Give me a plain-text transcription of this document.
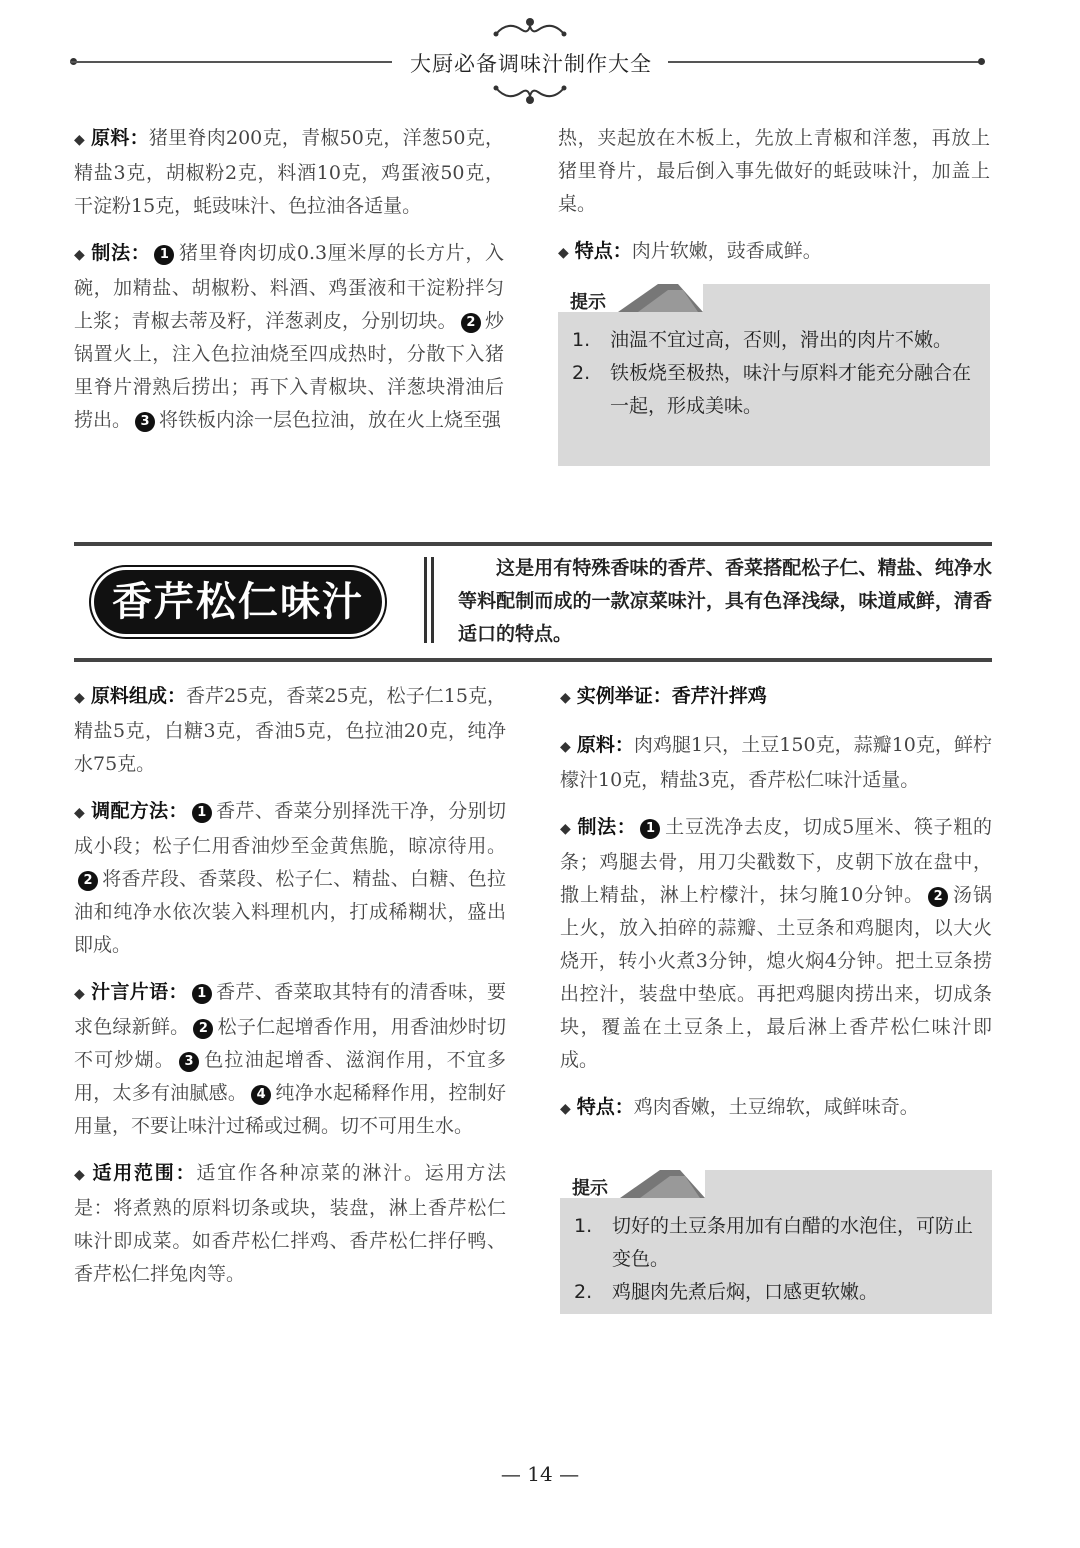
大厨必备调味汁制作大全

◆ 原料：猪里脊肉200克，青椒50克，洋葱50克，精盐3克，胡椒粉2克，料酒10克，鸡蛋液50克，干淀粉15克，蚝豉味汁、色拉油各适量。

◆ 制法： 1 猪里脊肉切成0.3厘米厚的长方片，入碗，加精盐、胡椒粉、料酒、鸡蛋液和干淀粉拌匀上浆；青椒去蒂及籽，洋葱剥皮，分别切块。 2 炒锅置火上，注入色拉油烧至四成热时，分散下入猪里脊片滑熟后捞出；再下入青椒块、洋葱块滑油后捞出。 3 将铁板内涂一层色拉油，放在火上烧至强

热，夹起放在木板上，先放上青椒和洋葱，再放上猪里脊片，最后倒入事先做好的蚝豉味汁，加盖上桌。

◆ 特点：肉片软嫩，豉香咸鲜。

提示
1. 油温不宜过高，否则，滑出的肉片不嫩。
2. 铁板烧至极热，味汁与原料才能充分融合在一起，形成美味。
香芹松仁味汁
这是用有特殊香味的香芹、香菜搭配松子仁、精盐、纯净水等料配制而成的一款凉菜味汁，具有色泽浅绿，味道咸鲜，清香适口的特点。

◆ 原料组成：香芹25克，香菜25克，松子仁15克，精盐5克，白糖3克，香油5克，色拉油20克，纯净水75克。

◆ 调配方法： 1 香芹、香菜分别择洗干净，分别切成小段；松子仁用香油炒至金黄焦脆，晾凉待用。2 将香芹段、香菜段、松子仁、精盐、白糖、色拉油和纯净水依次装入料理机内，打成稀糊状，盛出即成。

◆ 汁言片语： 1 香芹、香菜取其特有的清香味，要求色绿新鲜。 2 松子仁起增香作用，用香油炒时切不可炒煳。 3 色拉油起增香、滋润作用，不宜多用，太多有油腻感。 4 纯净水起稀释作用，控制好用量，不要让味汁过稀或过稠。切不可用生水。

◆ 适用范围：适宜作各种凉菜的淋汁。运用方法是：将煮熟的原料切条或块，装盘，淋上香芹松仁味汁即成菜。如香芹松仁拌鸡、香芹松仁拌仔鸭、香芹松仁拌兔肉等。

◆ 实例举证：香芹汁拌鸡

◆ 原料：肉鸡腿1只，土豆150克，蒜瓣10克，鲜柠檬汁10克，精盐3克，香芹松仁味汁适量。

◆ 制法： 1 土豆洗净去皮，切成5厘米、筷子粗的条；鸡腿去骨，用刀尖戳数下，皮朝下放在盘中，撒上精盐，淋上柠檬汁，抹匀腌10分钟。 2 汤锅上火，放入拍碎的蒜瓣、土豆条和鸡腿肉，以大火烧开，转小火煮3分钟，熄火焖4分钟。把土豆条捞出控汁，装盘中垫底。再把鸡腿肉捞出来，切成条块，覆盖在土豆条上，最后淋上香芹松仁味汁即成。

◆ 特点：鸡肉香嫩，土豆绵软，咸鲜味奇。

提示
1. 切好的土豆条用加有白醋的水泡住，可防止变色。
2. 鸡腿肉先煮后焖，口感更软嫩。
— 14 —
